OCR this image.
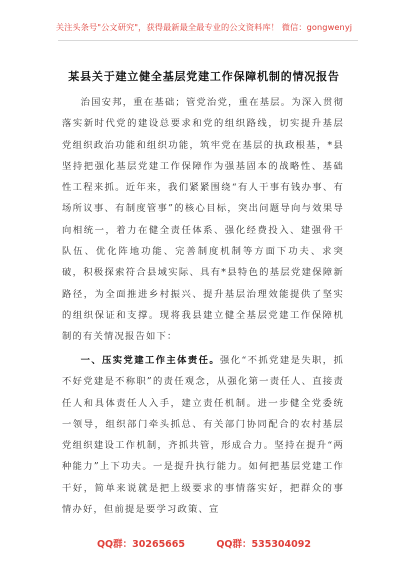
关注头条号"公文研究"，获得最新最全最专业的公文资料库！ 微信：gongwenyj
某县关于建立健全基层党建工作保障机制的情况报告

治国安邦，重在基础；管党治党，重在基层。为深入贯彻落实新时代党的建设总要求和党的组织路线，切实提升基层党组织政治功能和组织功能，筑牢党在基层的执政根基，*县坚持把强化基层党建工作保障作为强基固本的战略性、基础性工程来抓。近年来，我们紧紧围绕“有人干事有钱办事、有场所议事、有制度管事”的核心目标，突出问题导向与效果导向相统一，着力在健全责任体系、强化经费投入、建强骨干队伍、优化阵地功能、完善制度机制等方面下功夫、求突破，积极探索符合县域实际、具有*县特色的基层党建保障新路径，为全面推进乡村振兴、提升基层治理效能提供了坚实的组织保证和支撑。现将我县建立健全基层党建工作保障机制的有关情况报告如下：

一、压实党建工作主体责任。强化“不抓党建是失职，抓不好党建是不称职”的责任观念，从强化第一责任人、直接责任人和具体责任人入手，建立责任机制。进一步健全党委统一领导，组织部门牵头抓总、有关部门协同配合的农村基层党组织建设工作机制，齐抓共管，形成合力。坚持在提升“两种能力”上下功夫。一是提升执行能力。如何把基层党建工作干好，简单来说就是把上级要求的事情落实好，把群众的事情办好，但前提是要学习政策、宣

QQ群：30265665	QQ群：535304092
